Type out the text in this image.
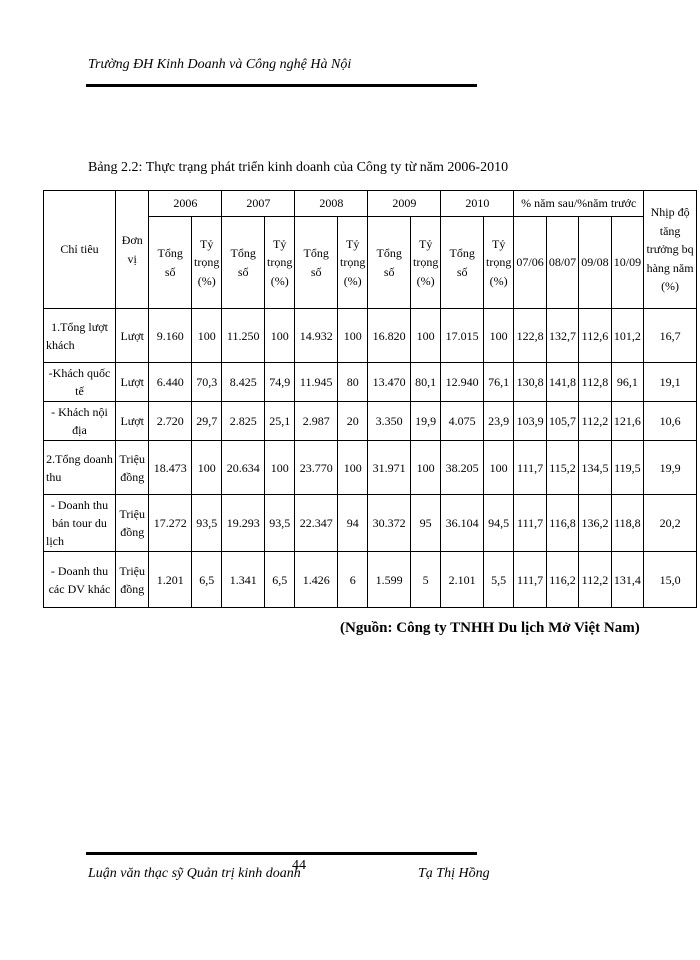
Trường ĐH Kinh Doanh và Công nghệ Hà Nội
Bảng 2.2: Thực trạng phát triển kinh doanh của Công ty từ năm 2006-2010
Chỉ tiêu	Đơn vị	2006		2007		2008		2009		2010		% năm sau/%năm trước				Nhịp độ tăng trưởng bq hàng năm (%)
		Tổng số	Tỷ trọng (%)	Tổng số	Tỷ trọng (%)	Tổng số	Tỷ trọng (%)	Tổng số	Tỷ trọng (%)	Tổng số	Tỷ trọng (%)	07/06	08/07	09/08	10/09	
1.Tổng lượt khách	Lượt	9.160	100	11.250	100	14.932	100	16.820	100	17.015	100	122,8	132,7	112,6	101,2	16,7
-Khách quốc tế	Lượt	6.440	70,3	8.425	74,9	11.945	80	13.470	80,1	12.940	76,1	130,8	141,8	112,8	96,1	19,1
- Khách nội địa	Lượt	2.720	29,7	2.825	25,1	2.987	20	3.350	19,9	4.075	23,9	103,9	105,7	112,2	121,6	10,6
2.Tổng doanh thu	Triệu đồng	18.473	100	20.634	100	23.770	100	31.971	100	38.205	100	111,7	115,2	134,5	119,5	19,9
- Doanh thu bán tour du lịch	Triệu đồng	17.272	93,5	19.293	93,5	22.347	94	30.372	95	36.104	94,5	111,7	116,8	136,2	118,8	20,2
- Doanh thu các DV khác	Triệu đồng	1.201	6,5	1.341	6,5	1.426	6	1.599	5	2.101	5,5	111,7	116,2	112,2	131,4	15,0
(Nguồn: Công ty TNHH Du lịch Mở Việt Nam)
Luận văn thạc sỹ Quản trị kinh doanh
44
Tạ Thị Hồng
